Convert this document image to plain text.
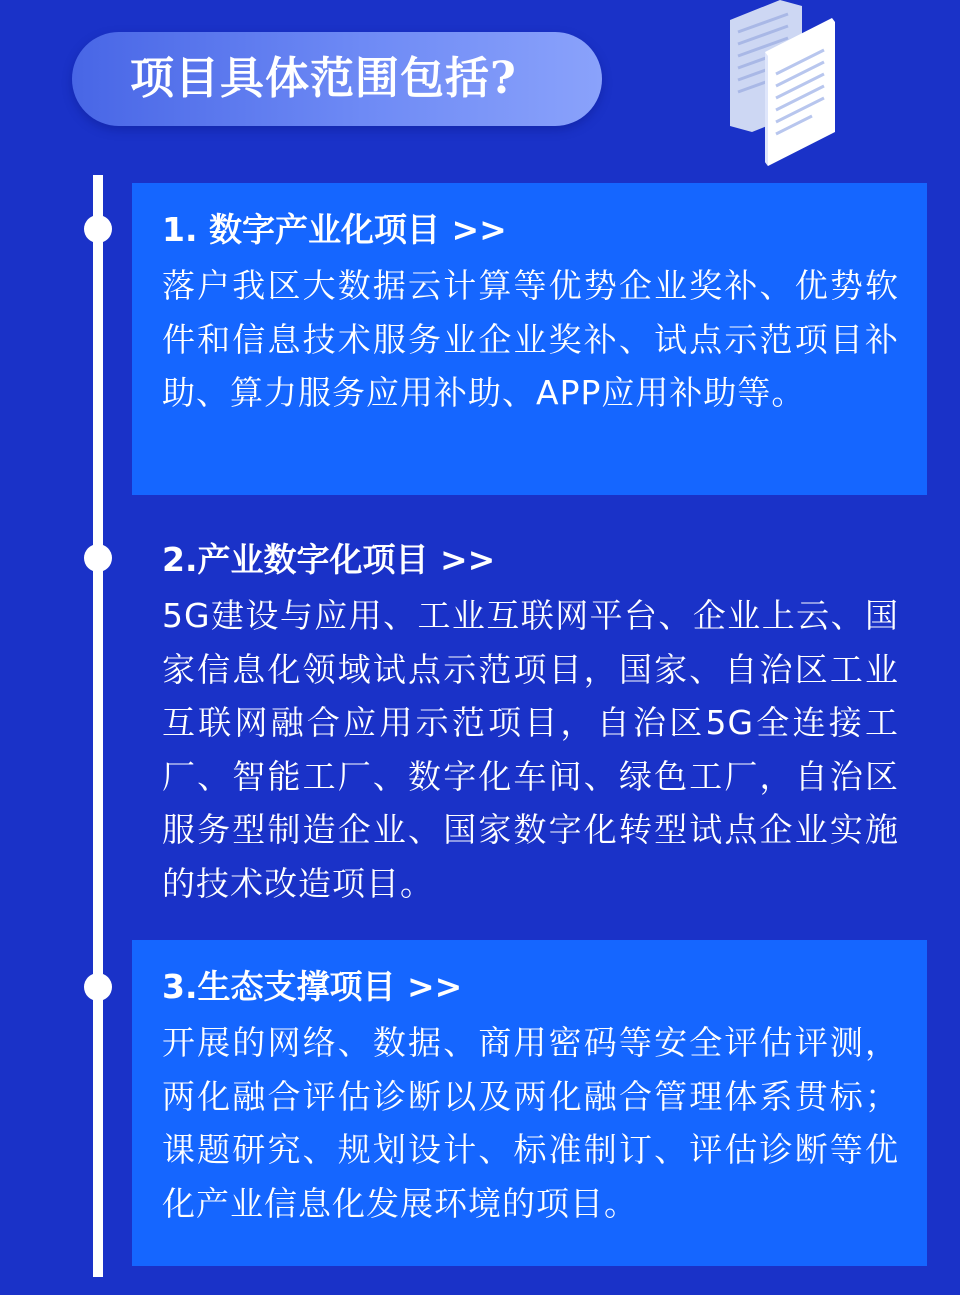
项目具体范围包括?
1. 数字产业化项目 >>
落户我区大数据云计算等优势企业奖补、优势软件和信息技术服务业企业奖补、试点示范项目补助、算力服务应用补助、APP应用补助等。
2.产业数字化项目 >>
5G建设与应用、工业互联网平台、企业上云、国家信息化领域试点示范项目，国家、自治区工业互联网融合应用示范项目，自治区5G全连接工厂、智能工厂、数字化车间、绿色工厂，自治区服务型制造企业、国家数字化转型试点企业实施的技术改造项目。
3.生态支撑项目 >>
开展的网络、数据、商用密码等安全评估评测，两化融合评估诊断以及两化融合管理体系贯标；课题研究、规划设计、标准制订、评估诊断等优化产业信息化发展环境的项目。
